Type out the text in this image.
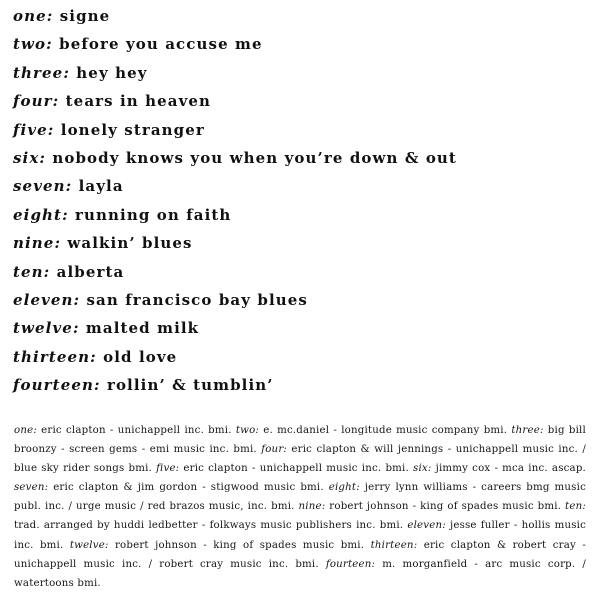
one: signe
two: before you accuse me
three: hey hey
four: tears in heaven
five: lonely stranger
six: nobody knows you when you’re down & out
seven: layla
eight: running on faith
nine: walkin’ blues
ten: alberta
eleven: san francisco bay blues
twelve: malted milk
thirteen: old love
fourteen: rollin’ & tumblin’

one: eric clapton - unichappell inc. bmi. two: e. mc.daniel - longitude music company bmi. three: big bill broonzy - screen gems - emi music inc. bmi. four: eric clapton & will jennings - unichappell music inc. / blue sky rider songs bmi. five: eric clapton - unichappell music inc. bmi. six: jimmy cox - mca inc. ascap. seven: eric clapton & jim gordon - stigwood music bmi. eight: jerry lynn williams - careers bmg music publ. inc. / urge music / red brazos music, inc. bmi. nine: robert johnson - king of spades music bmi. ten: trad. arranged by huddi ledbetter - folkways music publishers inc. bmi. eleven: jesse fuller - hollis music inc. bmi. twelve: robert johnson - king of spades music bmi. thirteen: eric clapton & robert cray - unichappell music inc. / robert cray music inc. bmi. fourteen: m. morganfield - arc music corp. / watertoons bmi.
